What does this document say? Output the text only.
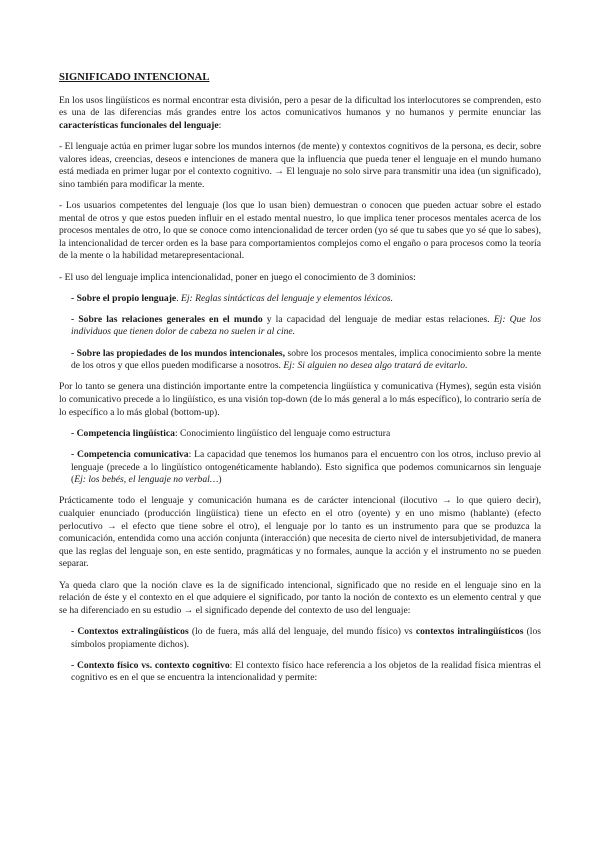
SIGNIFICADO INTENCIONAL

En los usos lingüísticos es normal encontrar esta división, pero a pesar de la dificultad los interlocutores se comprenden, esto es una de las diferencias más grandes entre los actos comunicativos humanos y no humanos y permite enunciar las características funcionales del lenguaje:

- El lenguaje actúa en primer lugar sobre los mundos internos (de mente) y contextos cognitivos de la persona, es decir, sobre valores ideas, creencias, deseos e intenciones de manera que la influencia que pueda tener el lenguaje en el mundo humano está mediada en primer lugar por el contexto cognitivo. → El lenguaje no solo sirve para transmitir una idea (un significado), sino también para modificar la mente.

- Los usuarios competentes del lenguaje (los que lo usan bien) demuestran o conocen que pueden actuar sobre el estado mental de otros y que estos pueden influir en el estado mental nuestro, lo que implica tener procesos mentales acerca de los procesos mentales de otro, lo que se conoce como intencionalidad de tercer orden (yo sé que tu sabes que yo sé que lo sabes), la intencionalidad de tercer orden es la base para comportamientos complejos como el engaño o para procesos como la teoría de la mente o la habilidad metarepresentacional.

- El uso del lenguaje implica intencionalidad, poner en juego el conocimiento de 3 dominios:

- Sobre el propio lenguaje. Ej: Reglas sintácticas del lenguaje y elementos léxicos.

- Sobre las relaciones generales en el mundo y la capacidad del lenguaje de mediar estas relaciones. Ej: Que los individuos que tienen dolor de cabeza no suelen ir al cine.

- Sobre las propiedades de los mundos intencionales, sobre los procesos mentales, implica conocimiento sobre la mente de los otros y que ellos pueden modificarse a nosotros. Ej: Si alguien no desea algo tratará de evitarlo.

Por lo tanto se genera una distinción importante entre la competencia lingüística y comunicativa (Hymes), según esta visión lo comunicativo precede a lo lingüístico, es una visión top-down (de lo más general a lo más específico), lo contrario sería de lo específico a lo más global (bottom-up).

- Competencia lingüística: Conocimiento lingüístico del lenguaje como estructura

- Competencia comunicativa: La capacidad que tenemos los humanos para el encuentro con los otros, incluso previo al lenguaje (precede a lo lingüístico ontogenéticamente hablando). Esto significa que podemos comunicarnos sin lenguaje (Ej: los bebés, el lenguaje no verbal…)

Prácticamente todo el lenguaje y comunicación humana es de carácter intencional (ilocutivo → lo que quiero decir), cualquier enunciado (producción lingüística) tiene un efecto en el otro (oyente) y en uno mismo (hablante) (efecto perlocutivo → el efecto que tiene sobre el otro), el lenguaje por lo tanto es un instrumento para que se produzca la comunicación, entendida como una acción conjunta (interacción) que necesita de cierto nivel de intersubjetividad, de manera que las reglas del lenguaje son, en este sentido, pragmáticas y no formales, aunque la acción y el instrumento no se pueden separar.

Ya queda claro que la noción clave es la de significado intencional, significado que no reside en el lenguaje sino en la relación de éste y el contexto en el que adquiere el significado, por tanto la noción de contexto es un elemento central y que se ha diferenciado en su estudio → el significado depende del contexto de uso del lenguaje:

- Contextos extralingüísticos (lo de fuera, más allá del lenguaje, del mundo físico) vs contextos intralingüísticos (los símbolos propiamente dichos).

- Contexto físico vs. contexto cognitivo: El contexto físico hace referencia a los objetos de la realidad física mientras el cognitivo es en el que se encuentra la intencionalidad y permite:
